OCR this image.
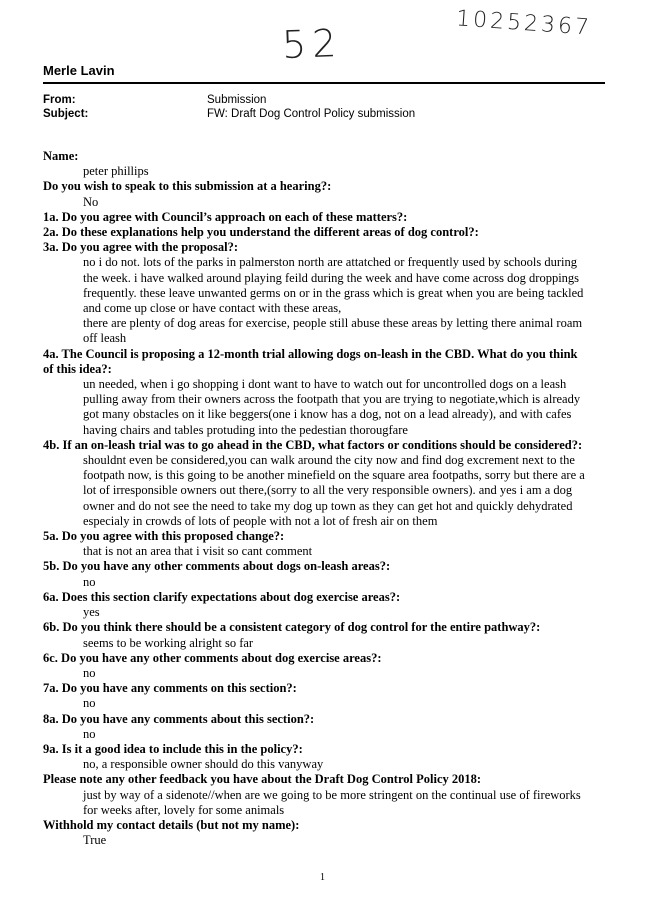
52	10252367
Merle Lavin
From:	Submission
Subject:	FW: Draft Dog Control Policy submission
Name:
peter phillips
Do you wish to speak to this submission at a hearing?:
No
1a. Do you agree with Council’s approach on each of these matters?:
2a. Do these explanations help you understand the different areas of dog control?:
3a. Do you agree with the proposal?:
no i do not. lots of the parks in palmerston north are attatched or frequently used by schools during
the week. i have walked around playing feild during the week and have come across dog droppings
frequently. these leave unwanted germs on or in the grass which is great when you are being tackled
and come up close or have contact with these areas,
there are plenty of dog areas for exercise, people still abuse these areas by letting there animal roam
off leash
4a. The Council is proposing a 12-month trial allowing dogs on-leash in the CBD. What do you think
of this idea?:
un needed, when i go shopping i dont want to have to watch out for uncontrolled dogs on a leash
pulling away from their owners across the footpath that you are trying to negotiate,which is already
got many obstacles on it like beggers(one i know has a dog, not on a lead already), and with cafes
having chairs and tables protuding into the pedestian thorougfare
4b. If an on-leash trial was to go ahead in the CBD, what factors or conditions should be considered?:
shouldnt even be considered,you can walk around the city now and find dog excrement next to the
footpath now, is this going to be another minefield on the square area footpaths, sorry but there are a
lot of irresponsible owners out there,(sorry to all the very responsible owners). and yes i am a dog
owner and do not see the need to take my dog up town as they can get hot and quickly dehydrated
especialy in crowds of lots of people with not a lot of fresh air on them
5a. Do you agree with this proposed change?:
that is not an area that i visit so cant comment
5b. Do you have any other comments about dogs on-leash areas?:
no
6a. Does this section clarify expectations about dog exercise areas?:
yes
6b. Do you think there should be a consistent category of dog control for the entire pathway?:
seems to be working alright so far
6c. Do you have any other comments about dog exercise areas?:
no
7a. Do you have any comments on this section?:
no
8a. Do you have any comments about this section?:
no
9a. Is it a good idea to include this in the policy?:
no, a responsible owner should do this vanyway
Please note any other feedback you have about the Draft Dog Control Policy 2018:
just by way of a sidenote//when are we going to be more stringent on the continual use of fireworks
for weeks after, lovely for some animals
Withhold my contact details (but not my name):
True
1
